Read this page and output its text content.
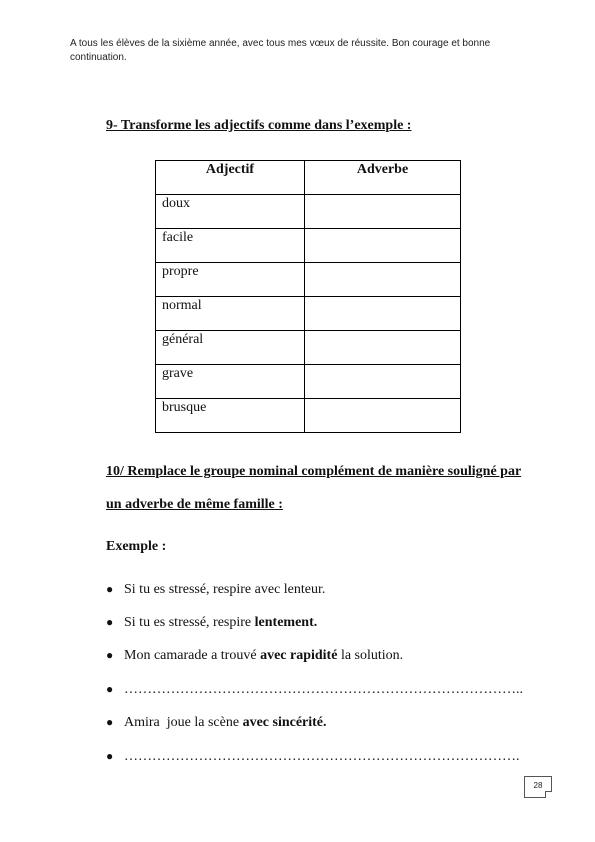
A tous les élèves de la sixième année, avec tous mes vœux de réussite. Bon courage et bonne continuation.
9- Transforme les adjectifs comme dans l’exemple :
Adjectif	Adverbe
doux	
facile	
propre	
normal	
général	
grave	
brusque	
10/ Remplace le groupe nominal complément de manière souligné par
un adverbe de même famille :
Exemple :
● Si tu es stressé, respire avec lenteur.
● Si tu es stressé, respire lentement.
● Mon camarade a trouvé avec rapidité la solution.
● …………………………………………………………………………..
● Amira  joue la scène avec sincérité.
● ………………………………………………………………………….
28
